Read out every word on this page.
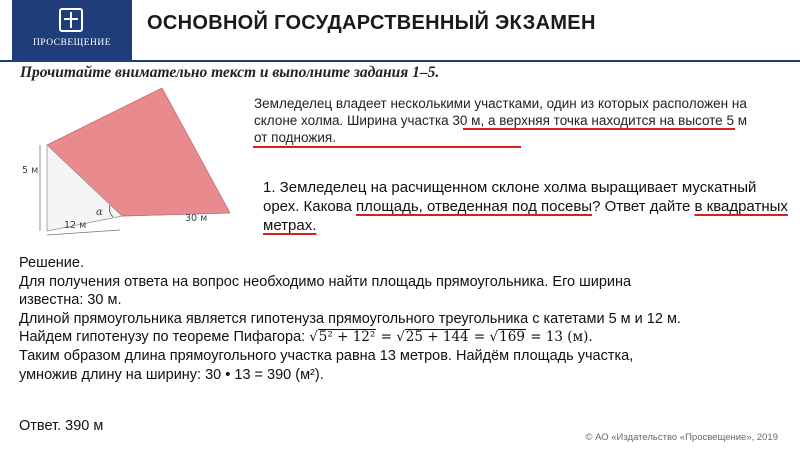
ПРОСВЕЩЕНИЕ
ОСНОВНОЙ ГОСУДАРСТВЕННЫЙ ЭКЗАМЕН
Прочитайте внимательно текст и выполните задания 1–5.
5 м
12 м
30 м
α
Земледелец владеет несколькими участками, один из которых расположен на склоне холма. Ширина участка 30 м, а верхняя точка находится на высоте 5 м от подножия.
1. Земледелец на расчищенном склоне холма выращивает мускатный орех. Какова площадь, отведенная под посевы? Ответ дайте в квадратных метрах.

Решение.

Для получения ответа на вопрос необходимо найти площадь прямоугольника. Его ширина

известна: 30 м.

Длиной прямоугольника является гипотенуза прямоугольного треугольника с катетами 5 м и 12 м.

Найдем гипотенузу по теореме Пифагора: √5² + 12² = √25 + 144 = √169 = 13 (м).

Таким образом длина прямоугольного участка равна 13 метров. Найдём площадь участка,

умножив длину на ширину: 30 • 13 = 390 (м²).

Ответ. 390 м
© АО «Издательство «Просвещение», 2019
